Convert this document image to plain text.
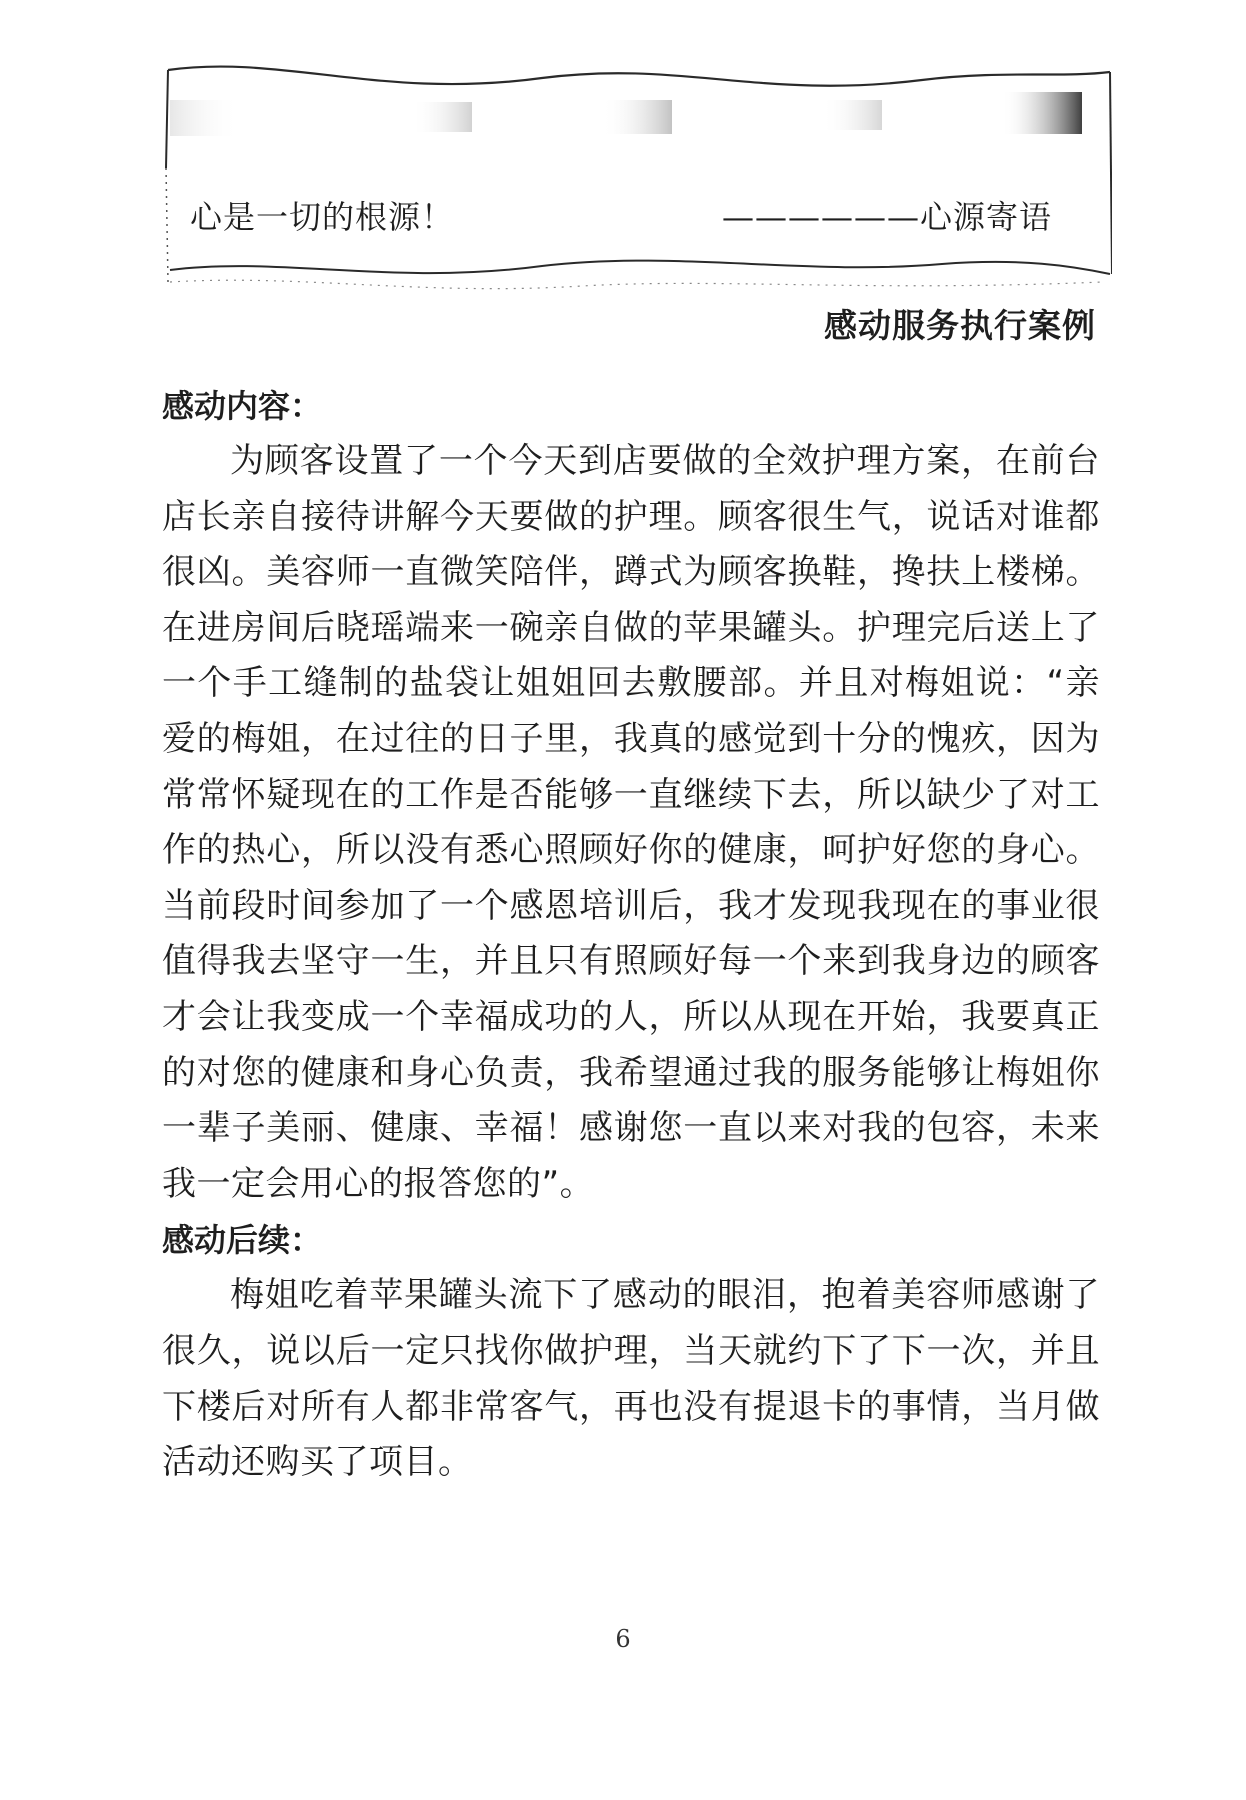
心是一切的根源！	——————心源寄语
感动服务执行案例
感动内容：

为顾客设置了一个今天到店要做的全效护理方案，在前台店长亲自接待讲解今天要做的护理。顾客很生气，说话对谁都很凶。美容师一直微笑陪伴，蹲式为顾客换鞋，搀扶上楼梯。在进房间后晓瑶端来一碗亲自做的苹果罐头。护理完后送上了一个手工缝制的盐袋让姐姐回去敷腰部。并且对梅姐说：“亲爱的梅姐，在过往的日子里，我真的感觉到十分的愧疚，因为常常怀疑现在的工作是否能够一直继续下去，所以缺少了对工作的热心，所以没有悉心照顾好你的健康，呵护好您的身心。当前段时间参加了一个感恩培训后，我才发现我现在的事业很值得我去坚守一生，并且只有照顾好每一个来到我身边的顾客才会让我变成一个幸福成功的人，所以从现在开始，我要真正的对您的健康和身心负责，我希望通过我的服务能够让梅姐你一辈子美丽、健康、幸福！感谢您一直以来对我的包容，未来我一定会用心的报答您的”。

感动后续：

梅姐吃着苹果罐头流下了感动的眼泪，抱着美容师感谢了很久，说以后一定只找你做护理，当天就约下了下一次，并且下楼后对所有人都非常客气，再也没有提退卡的事情，当月做活动还购买了项目。

6
